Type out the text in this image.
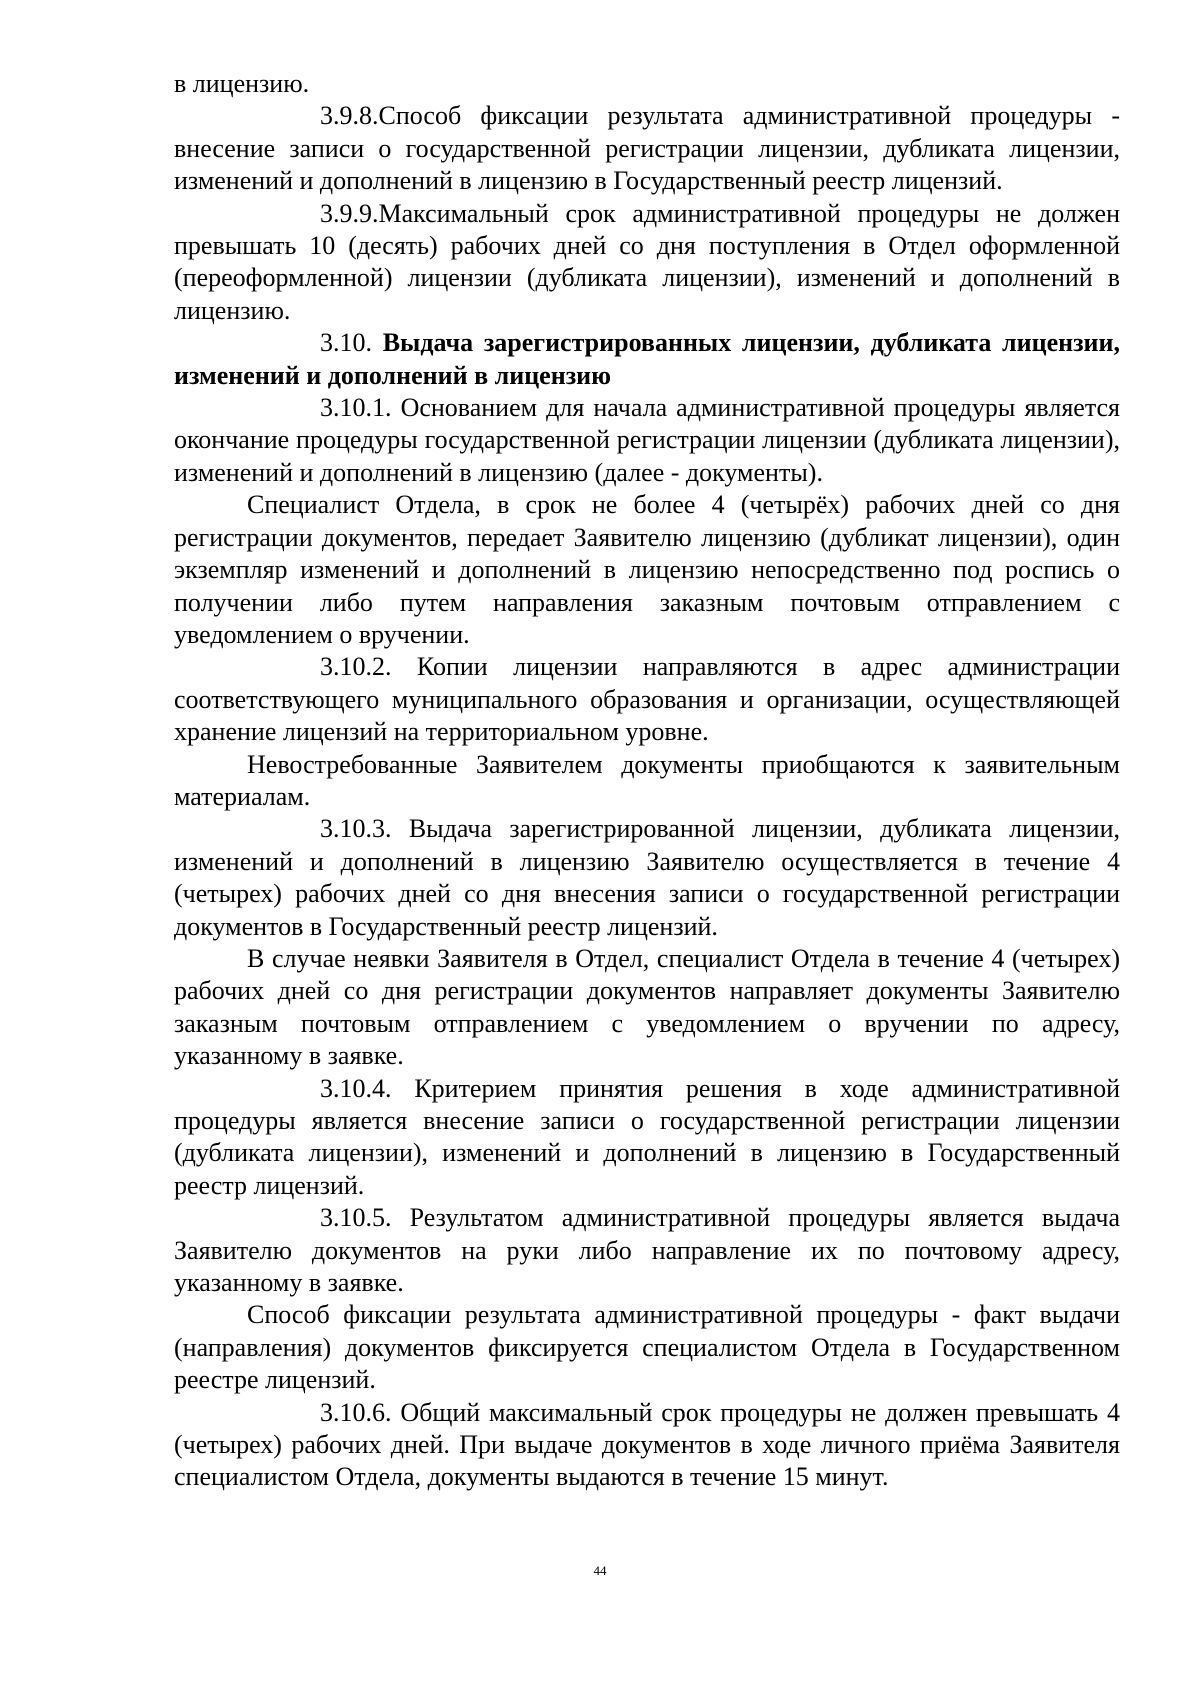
в лицензию.

3.9.8.Способ фиксации результата административной процедуры - внесение записи о государственной регистрации лицензии, дубликата лицензии, изменений и дополнений в лицензию в Государственный реестр лицензий.

3.9.9.Максимальный срок административной процедуры не должен превышать 10 (десять) рабочих дней со дня поступления в Отдел оформленной (переоформленной) лицензии (дубликата лицензии), изменений и дополнений в лицензию.

3.10. Выдача зарегистрированных лицензии, дубликата лицензии, изменений и дополнений в лицензию

3.10.1. Основанием для начала административной процедуры является окончание процедуры государственной регистрации лицензии (дубликата лицензии), изменений и дополнений в лицензию (далее - документы).

Специалист Отдела, в срок не более 4 (четырёх) рабочих дней со дня регистрации документов, передает Заявителю лицензию (дубликат лицензии), один экземпляр изменений и дополнений в лицензию непосредственно под роспись о получении либо путем направления заказным почтовым отправлением с уведомлением о вручении.

3.10.2. Копии лицензии направляются в адрес администрации соответствующего муниципального образования и организации, осуществляющей хранение лицензий на территориальном уровне.

Невостребованные Заявителем документы приобщаются к заявительным материалам.

3.10.3. Выдача зарегистрированной лицензии, дубликата лицензии, изменений и дополнений в лицензию Заявителю осуществляется в течение 4 (четырех) рабочих дней со дня внесения записи о государственной регистрации документов в Государственный реестр лицензий.

В случае неявки Заявителя в Отдел, специалист Отдела в течение 4 (четырех) рабочих дней со дня регистрации документов направляет документы Заявителю заказным почтовым отправлением с уведомлением о вручении по адресу, указанному в заявке.

3.10.4. Критерием принятия решения в ходе административной процедуры является внесение записи о государственной регистрации лицензии (дубликата лицензии), изменений и дополнений в лицензию в Государственный реестр лицензий.

3.10.5. Результатом административной процедуры является выдача Заявителю документов на руки либо направление их по почтовому адресу, указанному в заявке.

Способ фиксации результата административной процедуры - факт выдачи (направления) документов фиксируется специалистом Отдела в Государственном реестре лицензий.

3.10.6. Общий максимальный срок процедуры не должен превышать 4 (четырех) рабочих дней. При выдаче документов в ходе личного приёма Заявителя специалистом Отдела, документы выдаются в течение 15 минут.

44
